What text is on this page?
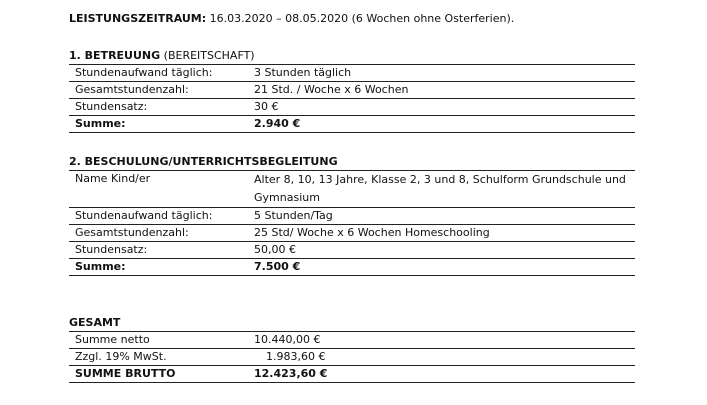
LEISTUNGSZEITRAUM: 16.03.2020 – 08.05.2020 (6 Wochen ohne Osterferien).
1. BETREUUNG (BEREITSCHAFT)
Stundenaufwand täglich:	3 Stunden täglich
Gesamtstundenzahl:	21 Std. / Woche x 6 Wochen
Stundensatz:	30 €
Summe:	2.940 €
2. BESCHULUNG/UNTERRICHTSBEGLEITUNG
Name Kind/er	Alter 8, 10, 13 Jahre, Klasse 2, 3 und 8, Schulform Grundschule und Gymnasium
Stundenaufwand täglich:	5 Stunden/Tag
Gesamtstundenzahl:	25 Std/ Woche x 6 Wochen Homeschooling
Stundensatz:	50,00 €
Summe:	7.500 €
GESAMT
Summe netto	10.440,00 €
Zzgl. 19% MwSt.	1.983,60 €
SUMME BRUTTO	12.423,60 €
